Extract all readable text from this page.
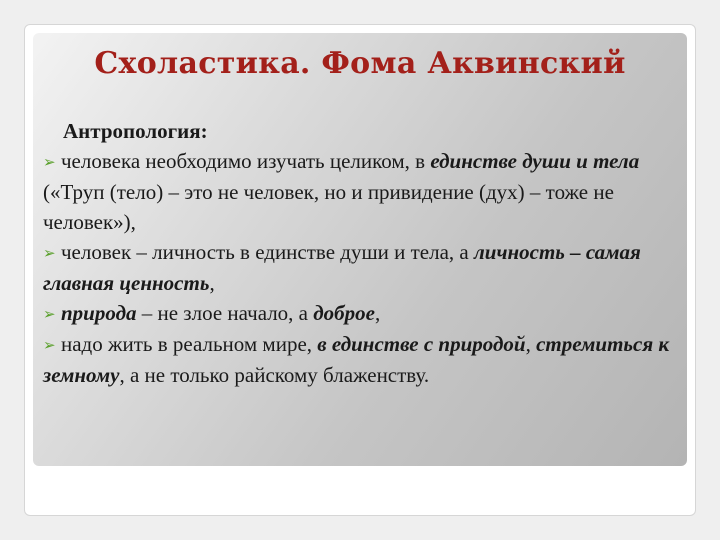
Схоластика. Фома Аквинский
Антропология:
➢ человека необходимо изучать целиком, в единстве души и тела («Труп (тело) – это не человек, но и привидение (дух) – тоже не человек»),
➢ человек – личность в единстве души и тела, а личность – самая главная ценность,
➢ природа – не злое начало, а доброе,
➢ надо жить в реальном мире, в единстве с природой, стремиться к земному, а не только райскому блаженству.
